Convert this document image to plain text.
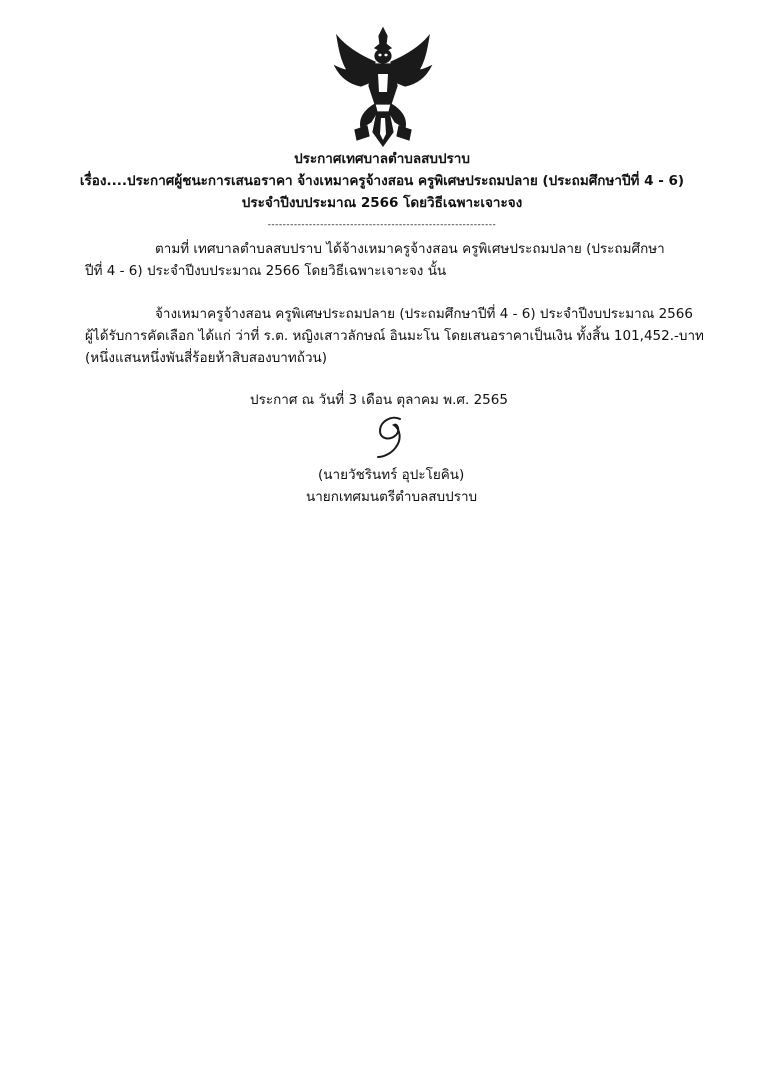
ประกาศเทศบาลตำบลสบปราบ
เรื่อง....ประกาศผู้ชนะการเสนอราคา จ้างเหมาครูจ้างสอน ครูพิเศษประถมปลาย (ประถมศึกษาปีที่ 4 - 6)
ประจำปีงบประมาณ 2566 โดยวิธีเฉพาะเจาะจง
-------------------------------------------------------------
ตามที่ เทศบาลตำบลสบปราบ ได้จ้างเหมาครูจ้างสอน ครูพิเศษประถมปลาย (ประถมศึกษา
ปีที่ 4 - 6) ประจำปีงบประมาณ 2566 โดยวิธีเฉพาะเจาะจง นั้น
จ้างเหมาครูจ้างสอน ครูพิเศษประถมปลาย (ประถมศึกษาปีที่ 4 - 6) ประจำปีงบประมาณ 2566
ผู้ได้รับการคัดเลือก ได้แก่ ว่าที่ ร.ต. หญิงเสาวลักษณ์ อินมะโน โดยเสนอราคาเป็นเงิน ทั้งสิ้น 101,452.-บาท
(หนึ่งแสนหนึ่งพันสี่ร้อยห้าสิบสองบาทถ้วน)
ประกาศ ณ วันที่ 3 เดือน ตุลาคม พ.ศ. 2565
(นายวัชรินทร์ อุปะโยคิน)
นายกเทศมนตรีตำบลสบปราบ
